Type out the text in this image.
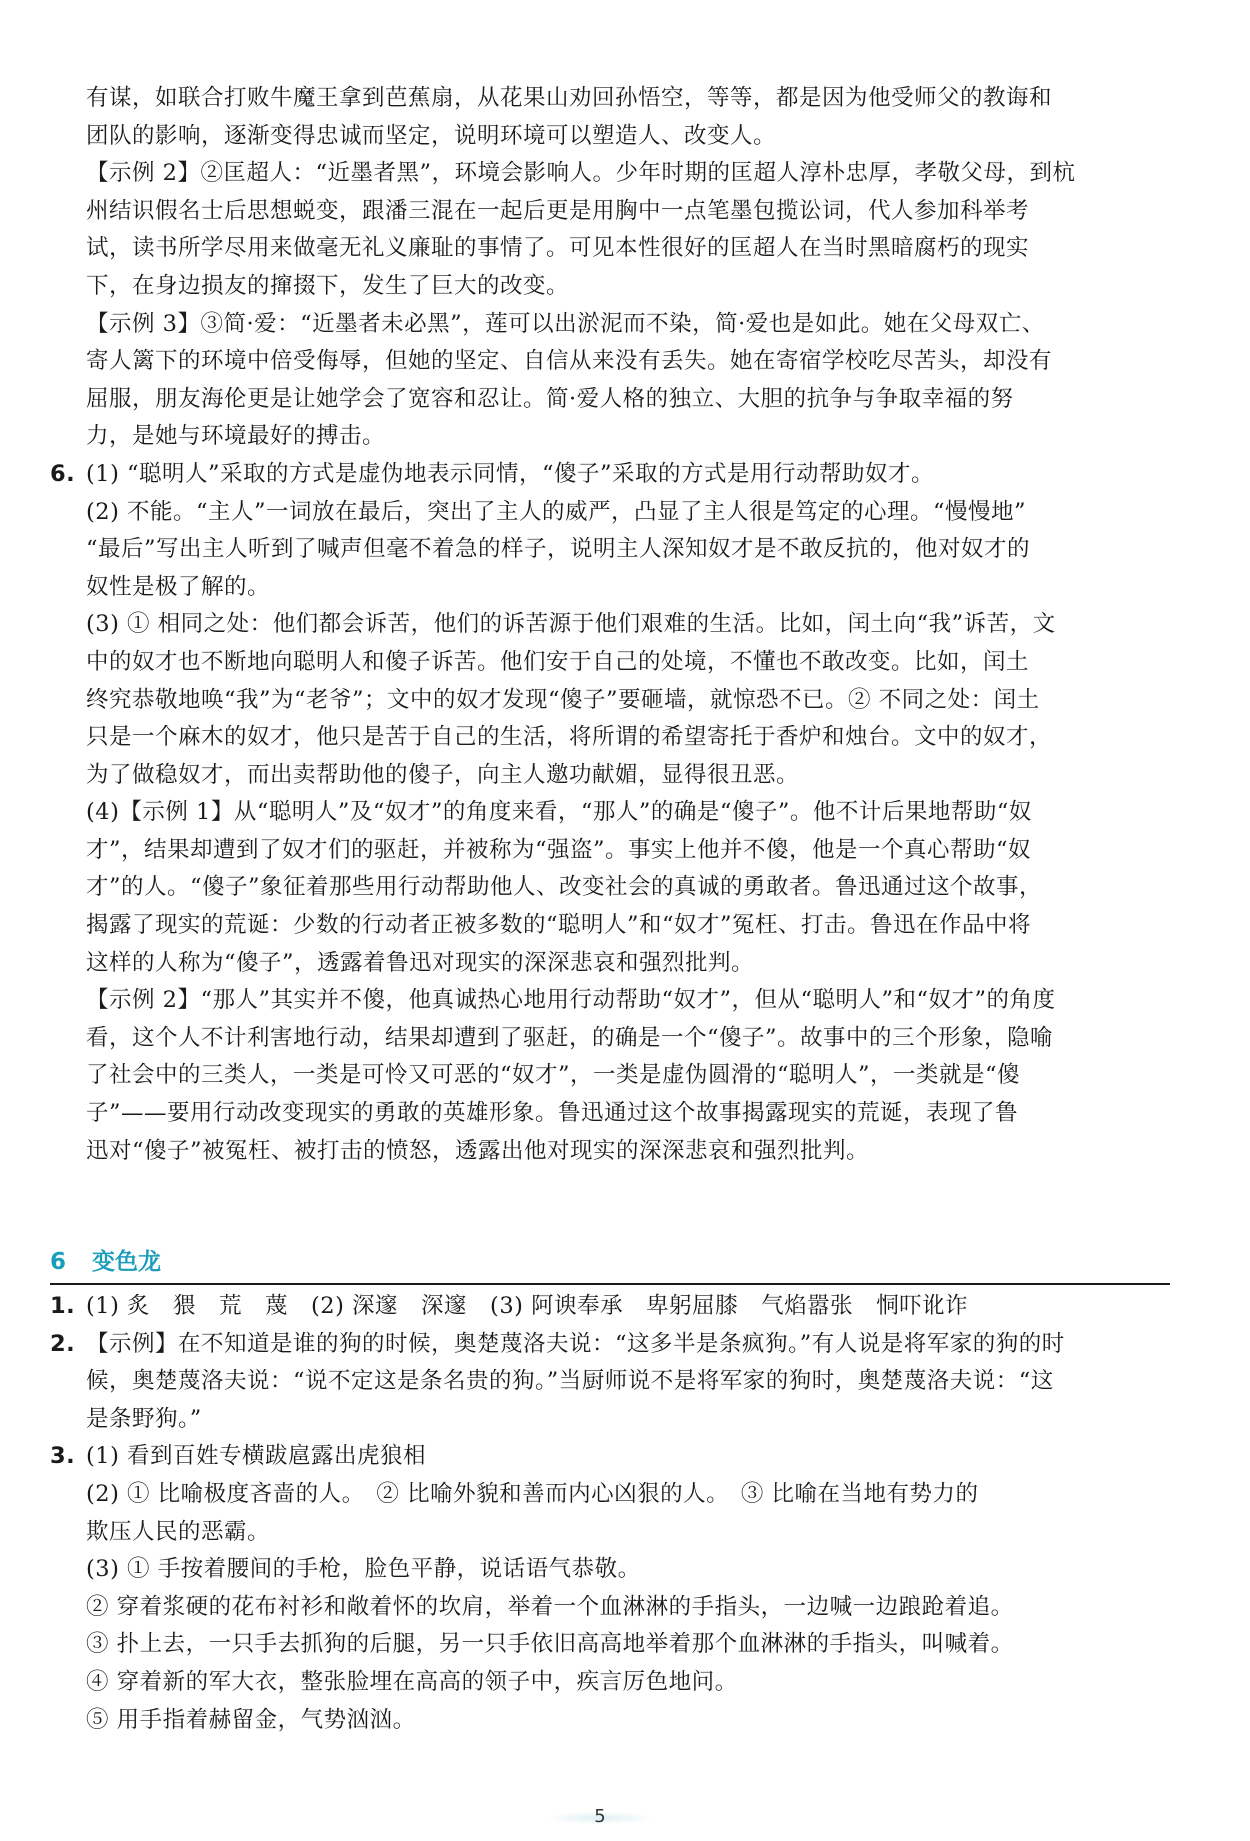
有谋，如联合打败牛魔王拿到芭蕉扇，从花果山劝回孙悟空，等等，都是因为他受师父的教诲和
团队的影响，逐渐变得忠诚而坚定，说明环境可以塑造人、改变人。
【示例 2】②匡超人：“近墨者黑”，环境会影响人。少年时期的匡超人淳朴忠厚，孝敬父母，到杭
州结识假名士后思想蜕变，跟潘三混在一起后更是用胸中一点笔墨包揽讼词，代人参加科举考
试，读书所学尽用来做毫无礼义廉耻的事情了。可见本性很好的匡超人在当时黑暗腐朽的现实
下，在身边损友的撺掇下，发生了巨大的改变。
【示例 3】③简·爱：“近墨者未必黑”，莲可以出淤泥而不染，简·爱也是如此。她在父母双亡、
寄人篱下的环境中倍受侮辱，但她的坚定、自信从来没有丢失。她在寄宿学校吃尽苦头，却没有
屈服，朋友海伦更是让她学会了宽容和忍让。简·爱人格的独立、大胆的抗争与争取幸福的努
力，是她与环境最好的搏击。
6. (1) “聪明人”采取的方式是虚伪地表示同情，“傻子”采取的方式是用行动帮助奴才。
(2) 不能。“主人”一词放在最后，突出了主人的威严，凸显了主人很是笃定的心理。“慢慢地”
“最后”写出主人听到了喊声但毫不着急的样子，说明主人深知奴才是不敢反抗的，他对奴才的
奴性是极了解的。
(3) ① 相同之处：他们都会诉苦，他们的诉苦源于他们艰难的生活。比如，闰土向“我”诉苦，文
中的奴才也不断地向聪明人和傻子诉苦。他们安于自己的处境，不懂也不敢改变。比如，闰土
终究恭敬地唤“我”为“老爷”；文中的奴才发现“傻子”要砸墙，就惊恐不已。② 不同之处：闰土
只是一个麻木的奴才，他只是苦于自己的生活，将所谓的希望寄托于香炉和烛台。文中的奴才，
为了做稳奴才，而出卖帮助他的傻子，向主人邀功献媚，显得很丑恶。
(4)【示例 1】从“聪明人”及“奴才”的角度来看，“那人”的确是“傻子”。他不计后果地帮助“奴
才”，结果却遭到了奴才们的驱赶，并被称为“强盗”。事实上他并不傻，他是一个真心帮助“奴
才”的人。“傻子”象征着那些用行动帮助他人、改变社会的真诚的勇敢者。鲁迅通过这个故事，
揭露了现实的荒诞：少数的行动者正被多数的“聪明人”和“奴才”冤枉、打击。鲁迅在作品中将
这样的人称为“傻子”，透露着鲁迅对现实的深深悲哀和强烈批判。
【示例 2】“那人”其实并不傻，他真诚热心地用行动帮助“奴才”，但从“聪明人”和“奴才”的角度
看，这个人不计利害地行动，结果却遭到了驱赶，的确是一个“傻子”。故事中的三个形象，隐喻
了社会中的三类人，一类是可怜又可恶的“奴才”，一类是虚伪圆滑的“聪明人”，一类就是“傻
子”——要用行动改变现实的勇敢的英雄形象。鲁迅通过这个故事揭露现实的荒诞，表现了鲁
迅对“傻子”被冤枉、被打击的愤怒，透露出他对现实的深深悲哀和强烈批判。
6 变色龙
1. (1) 炙　猥　荒　蔑　(2) 深邃　深邃　(3) 阿谀奉承　卑躬屈膝　气焰嚣张　恫吓讹诈
2. 【示例】在不知道是谁的狗的时候，奥楚蔑洛夫说：“这多半是条疯狗。”有人说是将军家的狗的时
候，奥楚蔑洛夫说：“说不定这是条名贵的狗。”当厨师说不是将军家的狗时，奥楚蔑洛夫说：“这
是条野狗。”
3. (1) 看到百姓专横跋扈露出虎狼相
(2) ① 比喻极度吝啬的人。　② 比喻外貌和善而内心凶狠的人。　③ 比喻在当地有势力的
欺压人民的恶霸。
(3) ① 手按着腰间的手枪，脸色平静，说话语气恭敬。
② 穿着浆硬的花布衬衫和敞着怀的坎肩，举着一个血淋淋的手指头，一边喊一边踉跄着追。
③ 扑上去，一只手去抓狗的后腿，另一只手依旧高高地举着那个血淋淋的手指头，叫喊着。
④ 穿着新的军大衣，整张脸埋在高高的领子中，疾言厉色地问。
⑤ 用手指着赫留金，气势汹汹。
5
